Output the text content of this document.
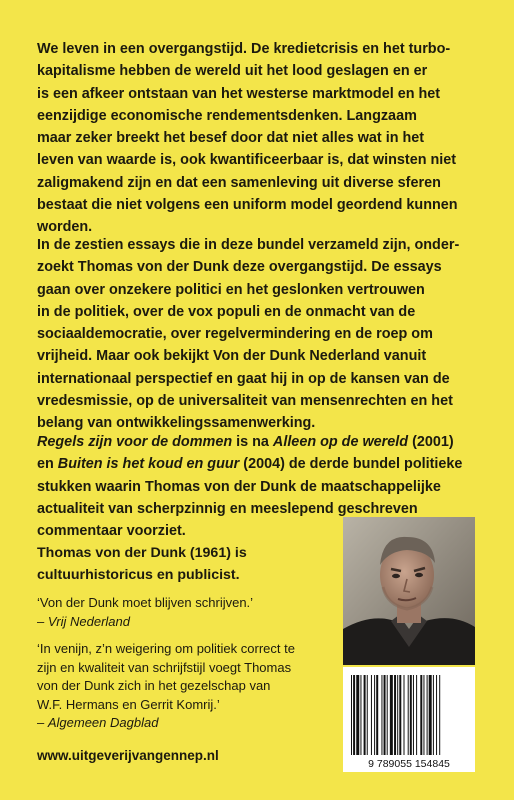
We leven in een overgangstijd. De kredietcrisis en het turbo-
kapitalisme hebben de wereld uit het lood geslagen en er
is een afkeer ontstaan van het westerse marktmodel en het
eenzijdige economische rendementsdenken. Langzaam
maar zeker breekt het besef door dat niet alles wat in het
leven van waarde is, ook kwantificeerbaar is, dat winsten niet
zaligmakend zijn en dat een samenleving uit diverse sferen
bestaat die niet volgens een uniform model geordend kunnen
worden.

In de zestien essays die in deze bundel verzameld zijn, onder-
zoekt Thomas von der Dunk deze overgangstijd. De essays
gaan over onzekere politici en het geslonken vertrouwen
in de politiek, over de vox populi en de onmacht van de
sociaaldemocratie, over regelvermindering en de roep om
vrijheid. Maar ook bekijkt Von der Dunk Nederland vanuit
internationaal perspectief en gaat hij in op de kansen van de
vredesmissie, op de universaliteit van mensenrechten en het
belang van ontwikkelingssamenwerking.

Regels zijn voor de dommen is na Alleen op de wereld (2001)
en Buiten is het koud en guur (2004) de derde bundel politieke
stukken waarin Thomas von der Dunk de maatschappelijke
actualiteit van scherpzinnig en meeslepend geschreven
commentaar voorziet.

Thomas von der Dunk (1961) is
cultuurhistoricus en publicist.

‘Von der Dunk moet blijven schrijven.’
– Vrij Nederland

‘In venijn, z’n weigering om politiek correct te
zijn en kwaliteit van schrijfstijl voegt Thomas
von der Dunk zich in het gezelschap van
W.F. Hermans en Gerrit Komrij.’
– Algemeen Dagblad

www.uitgeverijvangennep.nl
9 789055 154845
